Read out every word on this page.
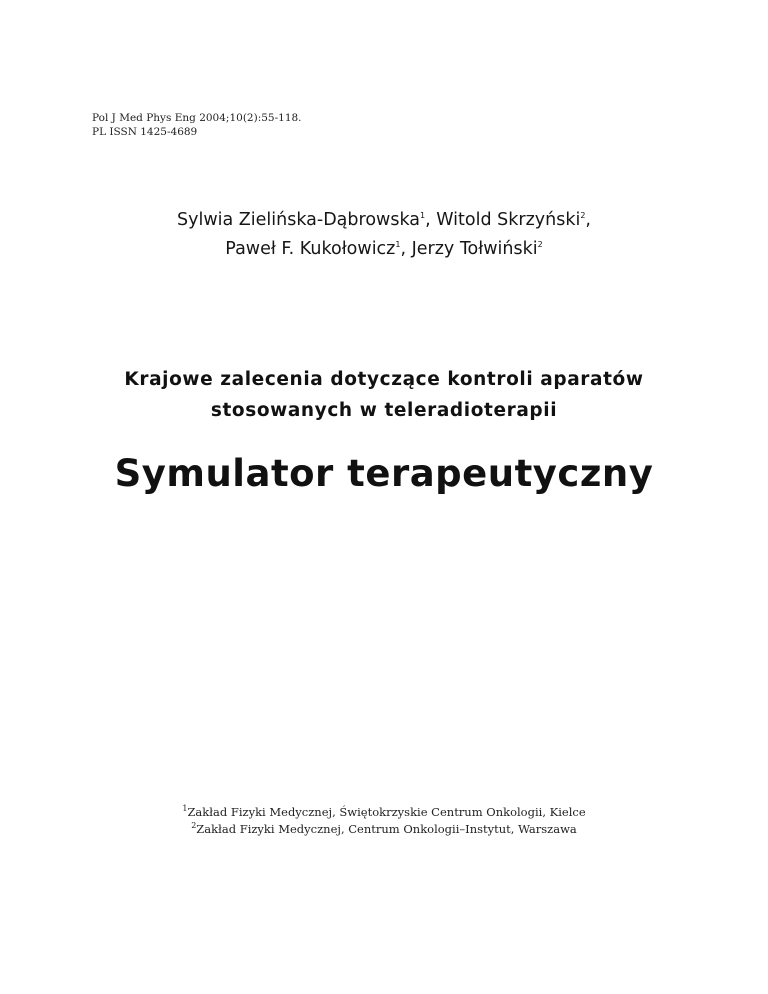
Pol J Med Phys Eng 2004;10(2):55-118.
PL ISSN 1425-4689
Sylwia Zielińska-Dąbrowska$^1$, Witold Skrzyński$^2$,
Paweł F. Kukołowicz$^1$, Jerzy Tołwiński$^2$
Krajowe zalecenia dotyczące kontroli aparatów
stosowanych w teleradioterapii
Symulator terapeutyczny
$^1$Zakład Fizyki Medycznej, Świętokrzyskie Centrum Onkologii, Kielce
$^2$Zakład Fizyki Medycznej, Centrum Onkologii–Instytut, Warszawa
